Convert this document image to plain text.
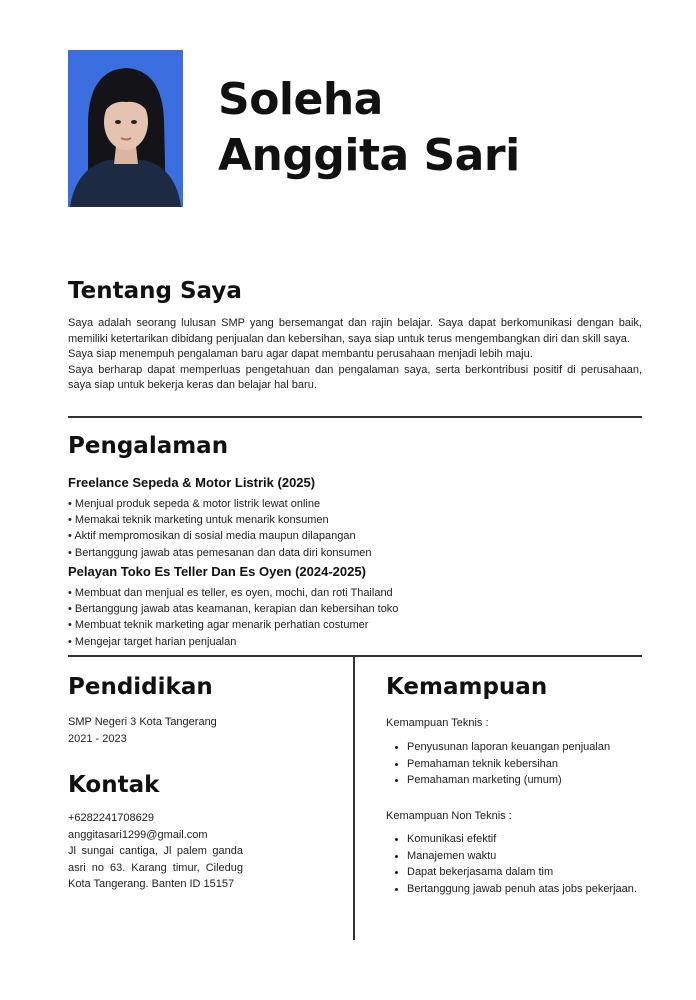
Soleha
Anggita Sari
Tentang Saya

Saya adalah seorang lulusan SMP yang bersemangat dan rajin belajar. Saya dapat berkomunikasi dengan baik, memiliki ketertarikan dibidang penjualan dan kebersihan, saya siap untuk terus mengembangkan diri dan skill saya.

Saya siap menempuh pengalaman baru agar dapat membantu perusahaan menjadi lebih maju.

Saya berharap dapat memperluas pengetahuan dan pengalaman saya, serta berkontribusi positif di perusahaan, saya siap untuk bekerja keras dan belajar hal baru.

Pengalaman
Freelance Sepeda & Motor Listrik (2025)
• Menjual produk sepeda & motor listrik lewat online
• Memakai teknik marketing untuk menarik konsumen
• Aktif mempromosikan di sosial media maupun dilapangan
• Bertanggung jawab atas pemesanan dan data diri konsumen
Pelayan Toko Es Teller Dan Es Oyen (2024-2025)
• Membuat dan menjual es teller, es oyen, mochi, dan roti Thailand
• Bertanggung jawab atas keamanan, kerapian dan kebersihan toko
• Membuat teknik marketing agar menarik perhatian costumer
• Mengejar target harian penjualan
Pendidikan
SMP Negeri 3 Kota Tangerang
2021 - 2023
Kontak
+6282241708629
anggitasari1299@gmail.com
Jl sungai cantiga, Jl palem ganda asri no 63. Karang timur, Ciledug Kota Tangerang. Banten ID 15157
Kemampuan
Kemampuan Teknis :
• Penyusunan laporan keuangan penjualan
• Pemahaman teknik kebersihan
• Pemahaman marketing (umum)
Kemampuan Non Teknis :
• Komunikasi efektif
• Manajemen waktu
• Dapat bekerjasama dalam tim
• Bertanggung jawab penuh atas jobs pekerjaan.
